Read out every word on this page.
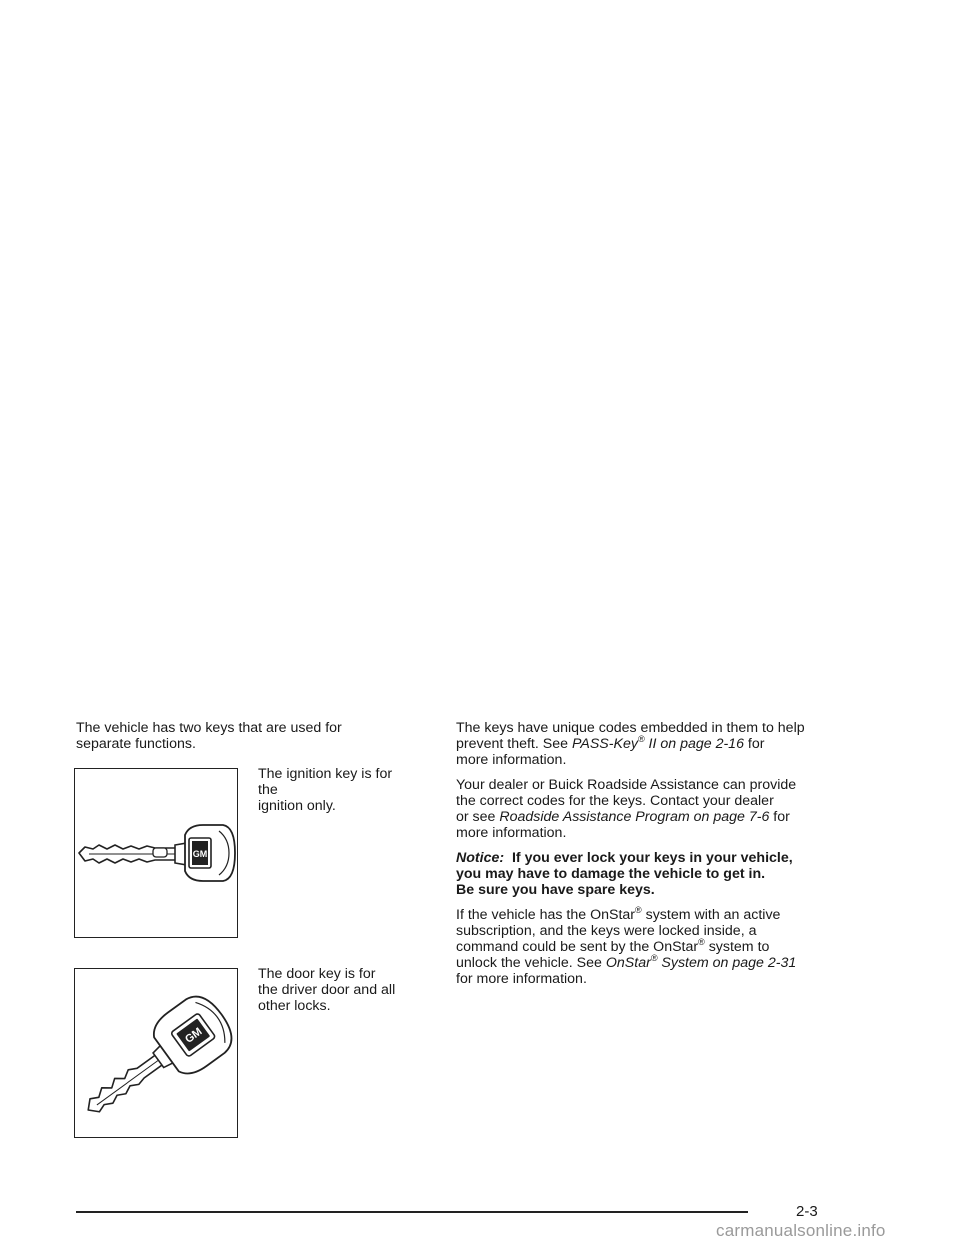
The vehicle has two keys that are used for
separate functions.

GM
The ignition key is for the
ignition only.
GM
The door key is for
the driver door and all
other locks.

The keys have unique codes embedded in them to help
prevent theft. See PASS-Key® II on page 2-16 for
more information.

Your dealer or Buick Roadside Assistance can provide
the correct codes for the keys. Contact your dealer
or see Roadside Assistance Program on page 7-6 for
more information.

Notice:  If you ever lock your keys in your vehicle,
you may have to damage the vehicle to get in.
Be sure you have spare keys.

If the vehicle has the OnStar® system with an active
subscription, and the keys were locked inside, a
command could be sent by the OnStar® system to
unlock the vehicle. See OnStar® System on page 2-31
for more information.

2-3
carmanualsonline.info
